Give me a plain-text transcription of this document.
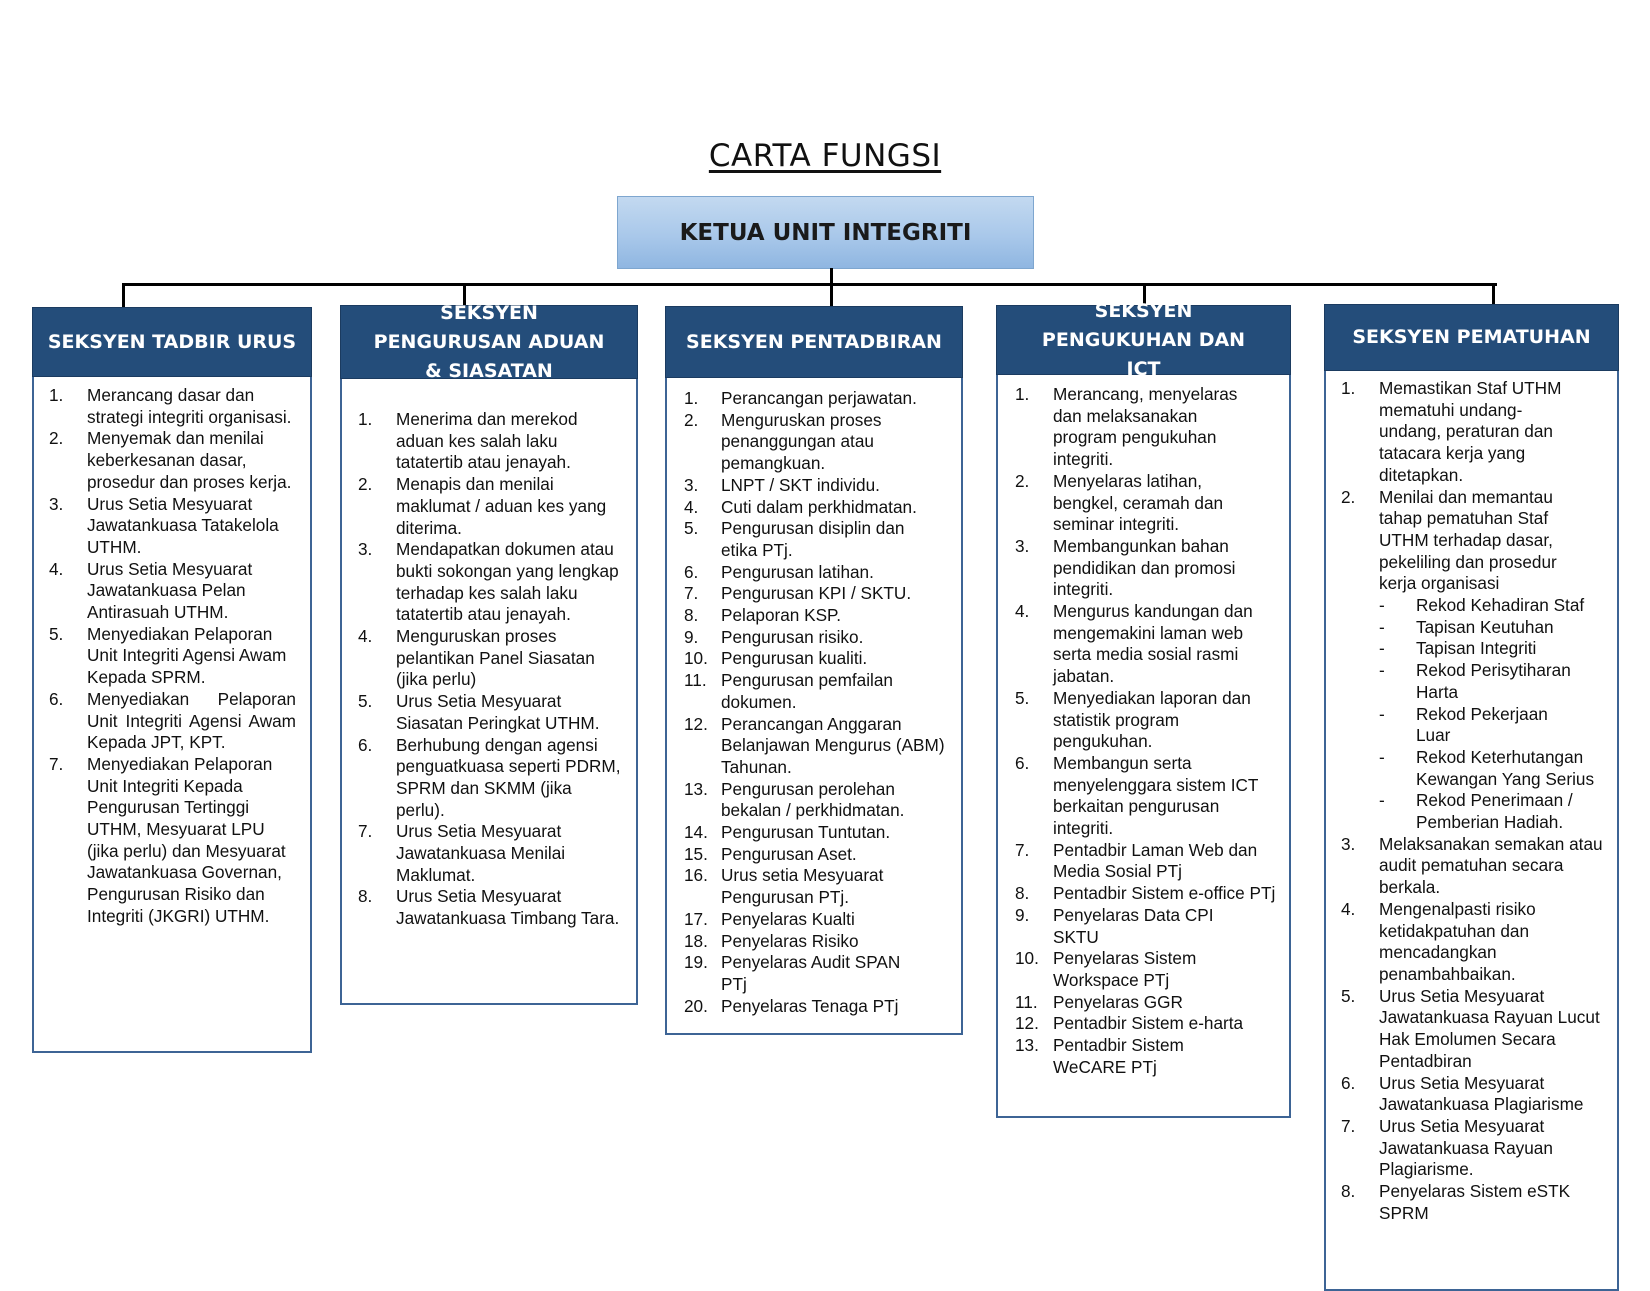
CARTA FUNGSI
KETUA UNIT INTEGRITI
SEKSYEN TADBIR URUS
1. Merancang dasar dan strategi integriti organisasi.
2. Menyemak dan menilai keberkesanan dasar, prosedur dan proses kerja.
3. Urus Setia Mesyuarat Jawatankuasa Tatakelola UTHM.
4. Urus Setia Mesyuarat Jawatankuasa Pelan Antirasuah UTHM.
5. Menyediakan Pelaporan Unit Integriti Agensi Awam Kepada SPRM.
6. Menyediakan Pelaporan Unit Integriti Agensi Awam Kepada JPT, KPT.
7. Menyediakan Pelaporan Unit Integriti Kepada Pengurusan Tertinggi UTHM, Mesyuarat LPU (jika perlu) dan Mesyuarat Jawatankuasa Governan, Pengurusan Risiko dan Integriti (JKGRI) UTHM.
SEKSYEN PENGURUSAN ADUAN & SIASATAN
1. Menerima dan merekod aduan kes salah laku tatatertib atau jenayah.
2. Menapis dan menilai maklumat / aduan kes yang diterima.
3. Mendapatkan dokumen atau bukti sokongan yang lengkap terhadap kes salah laku tatatertib atau jenayah.
4. Menguruskan proses pelantikan Panel Siasatan (jika perlu)
5. Urus Setia Mesyuarat Siasatan Peringkat UTHM.
6. Berhubung dengan agensi penguatkuasa seperti PDRM, SPRM dan SKMM (jika perlu).
7. Urus Setia Mesyuarat Jawatankuasa Menilai Maklumat.
8. Urus Setia Mesyuarat Jawatankuasa Timbang Tara.
SEKSYEN PENTADBIRAN
1. Perancangan perjawatan.
2. Menguruskan proses penanggungan atau pemangkuan.
3. LNPT / SKT individu.
4. Cuti dalam perkhidmatan.
5. Pengurusan disiplin dan etika PTj.
6. Pengurusan latihan.
7. Pengurusan KPI / SKTU.
8. Pelaporan KSP.
9. Pengurusan risiko.
10. Pengurusan kualiti.
11. Pengurusan pemfailan dokumen.
12. Perancangan Anggaran Belanjawan Mengurus (ABM) Tahunan.
13. Pengurusan perolehan bekalan / perkhidmatan.
14. Pengurusan Tuntutan.
15. Pengurusan Aset.
16. Urus setia Mesyuarat Pengurusan PTj.
17. Penyelaras Kualti
18. Penyelaras Risiko
19. Penyelaras Audit SPAN PTj
20. Penyelaras Tenaga PTj
SEKSYEN PENGUKUHAN DAN ICT
1. Merancang, menyelaras dan melaksanakan program pengukuhan integriti.
2. Menyelaras latihan, bengkel, ceramah dan seminar integriti.
3. Membangunkan bahan pendidikan dan promosi integriti.
4. Mengurus kandungan dan mengemakini laman web serta media sosial rasmi jabatan.
5. Menyediakan laporan dan statistik program pengukuhan.
6. Membangun serta menyelenggara sistem ICT berkaitan pengurusan integriti.
7. Pentadbir Laman Web dan Media Sosial PTj
8. Pentadbir Sistem e-office PTj
9. Penyelaras Data CPI SKTU
10. Penyelaras Sistem Workspace PTj
11. Penyelaras GGR
12. Pentadbir Sistem e-harta
13. Pentadbir Sistem WeCARE PTj
SEKSYEN PEMATUHAN
1. Memastikan Staf UTHM mematuhi undang-undang, peraturan dan tatacara kerja yang ditetapkan.
2. Menilai dan memantau tahap pematuhan Staf UTHM terhadap dasar, pekeliling dan prosedur kerja organisasi
- Rekod Kehadiran Staf
- Tapisan Keutuhan
- Tapisan Integriti
- Rekod Perisytiharan Harta
- Rekod Pekerjaan Luar
- Rekod Keterhutangan Kewangan Yang Serius
- Rekod Penerimaan / Pemberian Hadiah.
3. Melaksanakan semakan atau audit pematuhan secara berkala.
4. Mengenalpasti risiko ketidakpatuhan dan mencadangkan penambahbaikan.
5. Urus Setia Mesyuarat Jawatankuasa Rayuan Lucut Hak Emolumen Secara Pentadbiran
6. Urus Setia Mesyuarat Jawatankuasa Plagiarisme
7. Urus Setia Mesyuarat Jawatankuasa Rayuan Plagiarisme.
8. Penyelaras Sistem eSTK SPRM
